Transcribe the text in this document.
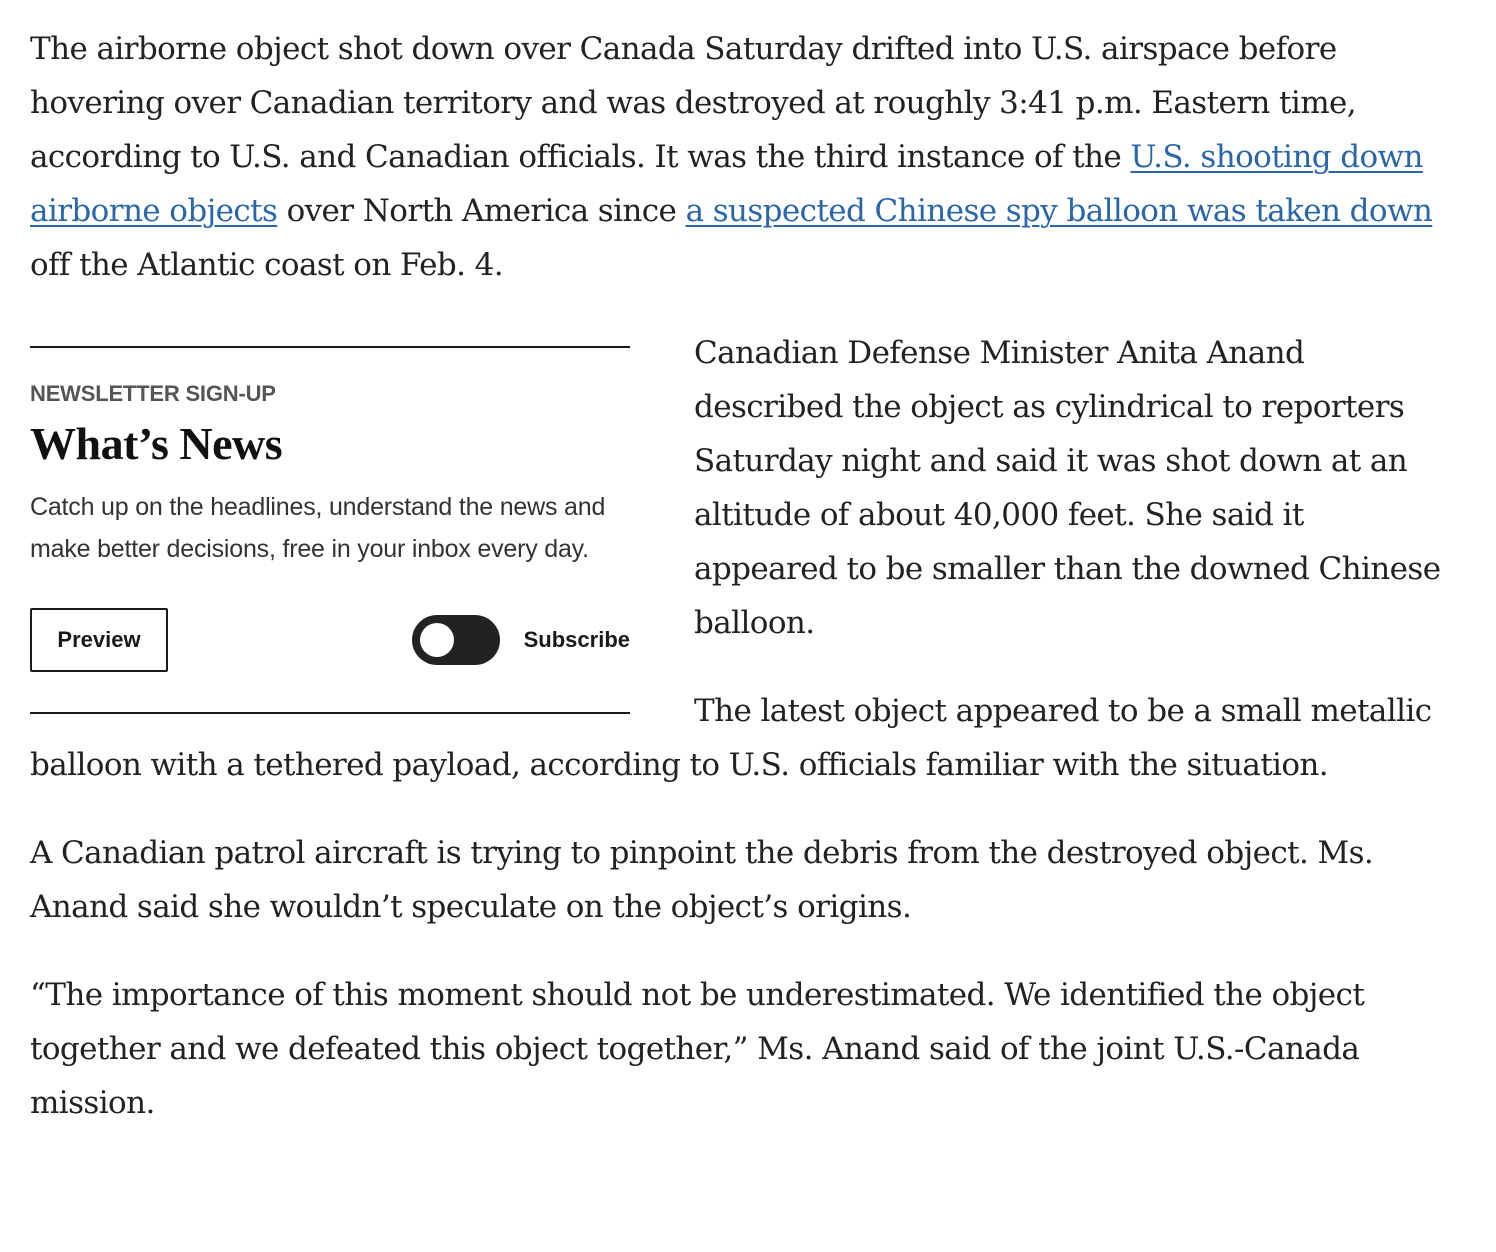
The airborne object shot down over Canada Saturday drifted into U.S. airspace before hovering over Canadian territory and was destroyed at roughly 3:41 p.m. Eastern time, according to U.S. and Canadian officials. It was the third instance of the U.S. shooting down airborne objects over North America since a suspected Chinese spy balloon was taken down off the Atlantic coast on Feb. 4.

NEWSLETTER SIGN-UP
What’s News
Catch up on the headlines, understand the news and make better decisions, free in your inbox every day.
Preview	Subscribe

Canadian Defense Minister Anita Anand described the object as cylindrical to reporters Saturday night and said it was shot down at an altitude of about 40,000 feet. She said it appeared to be smaller than the downed Chinese balloon.

The latest object appeared to be a small metallic balloon with a tethered payload, according to U.S. officials familiar with the situation.

A Canadian patrol aircraft is trying to pinpoint the debris from the destroyed object. Ms. Anand said she wouldn’t speculate on the object’s origins.

“The importance of this moment should not be underestimated. We identified the object together and we defeated this object together,” Ms. Anand said of the joint U.S.-Canada mission.
